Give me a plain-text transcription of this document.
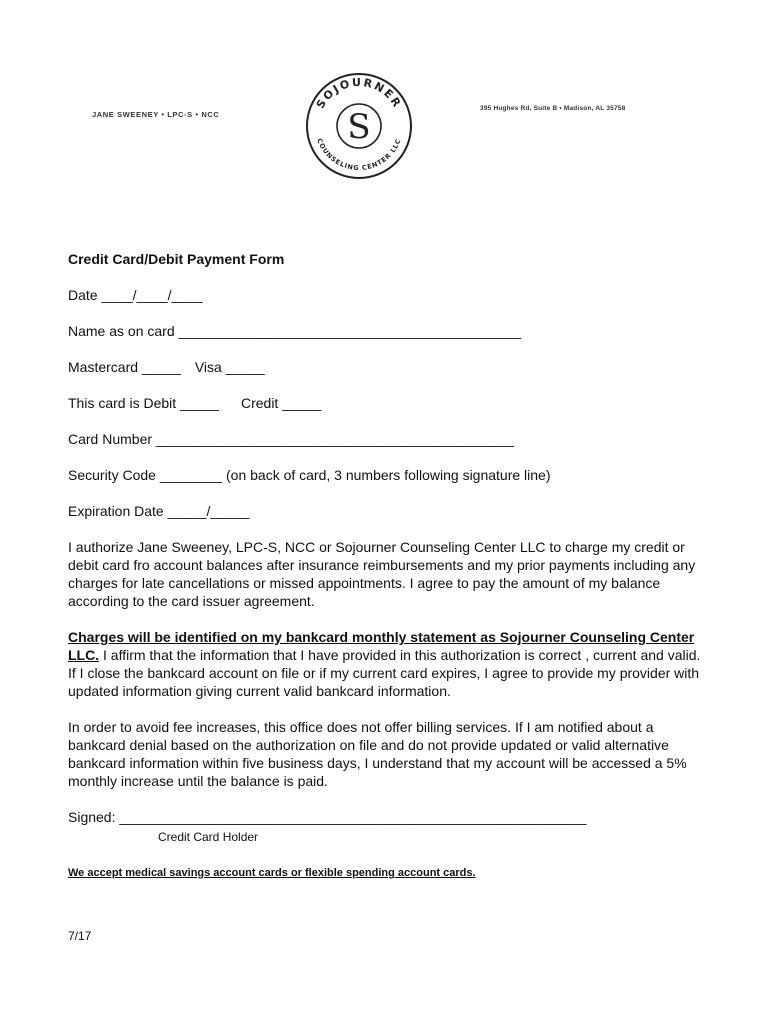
JANE SWEENEY • LPC-S • NCC
SOJOURNER
COUNSELING CENTER LLC
S	395 Hughes Rd, Suite B • Madison, AL 35758
Credit Card/Debit Payment Form
Date ____/____/____
Name as on card ____________________________________________
Mastercard _____ Visa _____
This card is Debit _____ Credit _____
Card Number ______________________________________________
Security Code ________ (on back of card, 3 numbers following signature line)
Expiration Date _____/_____

I authorize Jane Sweeney, LPC-S, NCC or Sojourner Counseling Center LLC to charge my credit or debit card fro account balances after insurance reimbursements and my prior payments including any charges for late cancellations or missed appointments. I agree to pay the amount of my balance according to the card issuer agreement.

Charges will be identified on my bankcard monthly statement as Sojourner Counseling Center LLC. I affirm that the information that I have provided in this authorization is correct , current and valid. If I close the bankcard account on file or if my current card expires, I agree to provide my provider with updated information giving current valid bankcard information.

In order to avoid fee increases, this office does not offer billing services. If I am notified about a bankcard denial based on the authorization on file and do not provide updated or valid alternative bankcard information within five business days, I understand that my account will be accessed a 5% monthly increase until the balance is paid.

Signed: ____________________________________________________________
Credit Card Holder
We accept medical savings account cards or flexible spending account cards.
7/17
